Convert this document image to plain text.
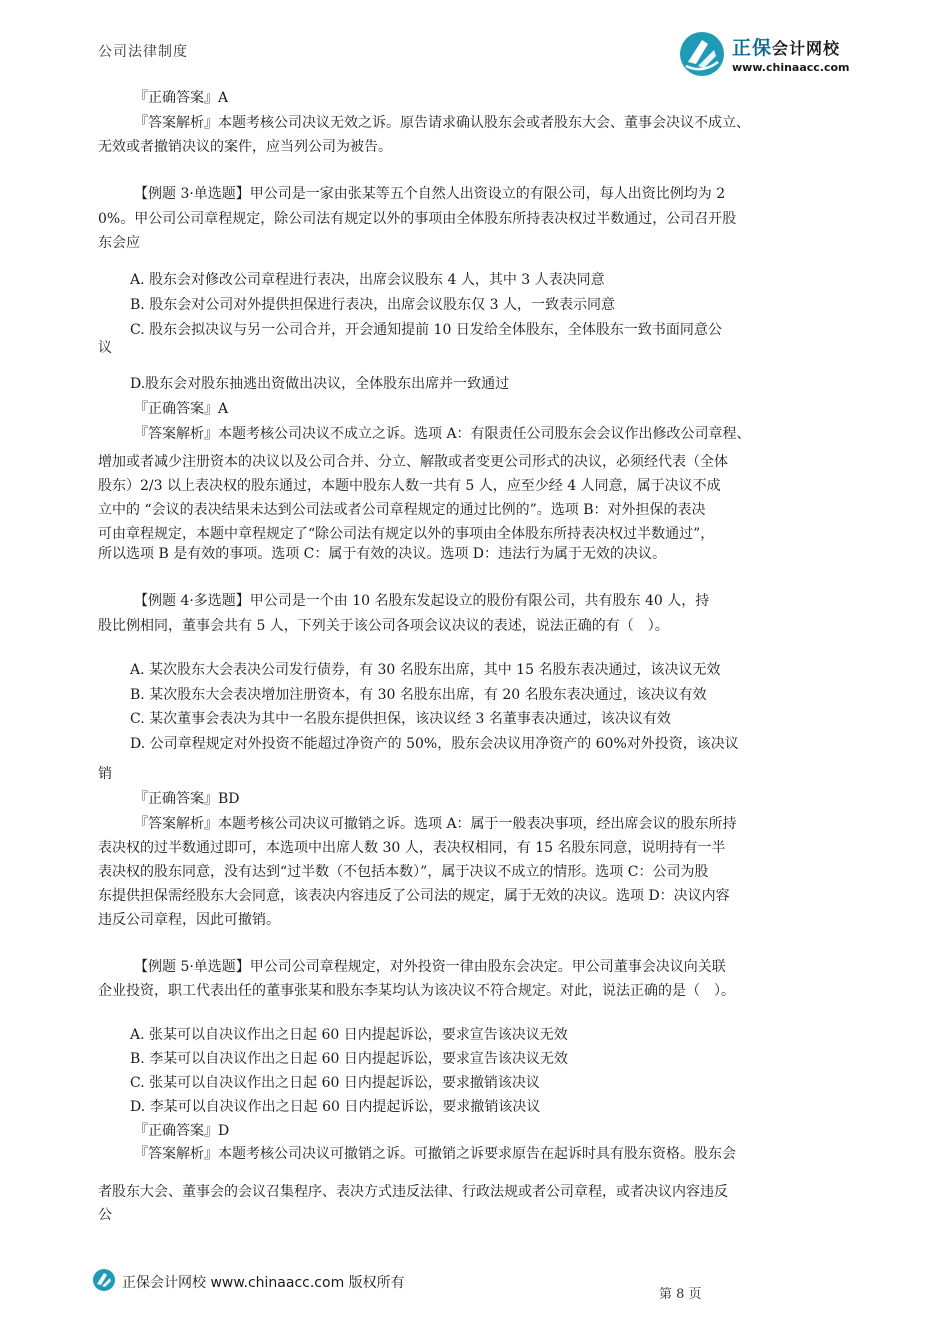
公司法律制度	正保会计网校
www.chinaacc.com

『正确答案』A

『答案解析』本题考核公司决议无效之诉。原告请求确认股东会或者股东大会、董事会决议不成立、

无效或者撤销决议的案件，应当列公司为被告。

【例题 3·单选题】甲公司是一家由张某等五个自然人出资设立的有限公司，每人出资比例均为 2

0%。甲公司公司章程规定，除公司法有规定以外的事项由全体股东所持表决权过半数通过，公司召开股

东会应

A. 股东会对修改公司章程进行表决，出席会议股东 4 人，其中 3 人表决同意

B. 股东会对公司对外提供担保进行表决，出席会议股东仅 3 人，一致表示同意

C. 股东会拟决议与另一公司合并，开会通知提前 10 日发给全体股东，全体股东一致书面同意公

议

D.股东会对股东抽逃出资做出决议，全体股东出席并一致通过

『正确答案』A

『答案解析』本题考核公司决议不成立之诉。选项 A：有限责任公司股东会会议作出修改公司章程、

增加或者减少注册资本的决议以及公司合并、分立、解散或者变更公司形式的决议，必须经代表（全体

股东）2/3 以上表决权的股东通过，本题中股东人数一共有 5 人，应至少经 4 人同意，属于决议不成

立中的 “会议的表决结果未达到公司法或者公司章程规定的通过比例的”。选项 B：对外担保的表决

可由章程规定，本题中章程规定了“除公司法有规定以外的事项由全体股东所持表决权过半数通过”，

所以选项 B 是有效的事项。选项 C：属于有效的决议。选项 D：违法行为属于无效的决议。

【例题 4·多选题】甲公司是一个由 10 名股东发起设立的股份有限公司，共有股东 40 人，持

股比例相同，董事会共有 5 人，下列关于该公司各项会议决议的表述，说法正确的有（　）。

A. 某次股东大会表决公司发行债券，有 30 名股东出席，其中 15 名股东表决通过，该决议无效

B. 某次股东大会表决增加注册资本，有 30 名股东出席，有 20 名股东表决通过，该决议有效

C. 某次董事会表决为其中一名股东提供担保，该决议经 3 名董事表决通过，该决议有效

D. 公司章程规定对外投资不能超过净资产的 50%，股东会决议用净资产的 60%对外投资，该决议

销

『正确答案』BD

『答案解析』本题考核公司决议可撤销之诉。选项 A：属于一般表决事项，经出席会议的股东所持

表决权的过半数通过即可，本选项中出席人数 30 人，表决权相同，有 15 名股东同意，说明持有一半

表决权的股东同意，没有达到“过半数（不包括本数）”，属于决议不成立的情形。选项 C：公司为股

东提供担保需经股东大会同意，该表决内容违反了公司法的规定，属于无效的决议。选项 D：决议内容

违反公司章程，因此可撤销。

【例题 5·单选题】甲公司公司章程规定，对外投资一律由股东会决定。甲公司董事会决议向关联

企业投资，职工代表出任的董事张某和股东李某均认为该决议不符合规定。对此，说法正确的是（　）。

A. 张某可以自决议作出之日起 60 日内提起诉讼，要求宣告该决议无效

B. 李某可以自决议作出之日起 60 日内提起诉讼，要求宣告该决议无效

C. 张某可以自决议作出之日起 60 日内提起诉讼，要求撤销该决议

D. 李某可以自决议作出之日起 60 日内提起诉讼，要求撤销该决议

『正确答案』D

『答案解析』本题考核公司决议可撤销之诉。可撤销之诉要求原告在起诉时具有股东资格。股东会

者股东大会、董事会的会议召集程序、表决方式违反法律、行政法规或者公司章程，或者决议内容违反

公

正保会计网校 www.chinaacc.com 版权所有
第 8 页
